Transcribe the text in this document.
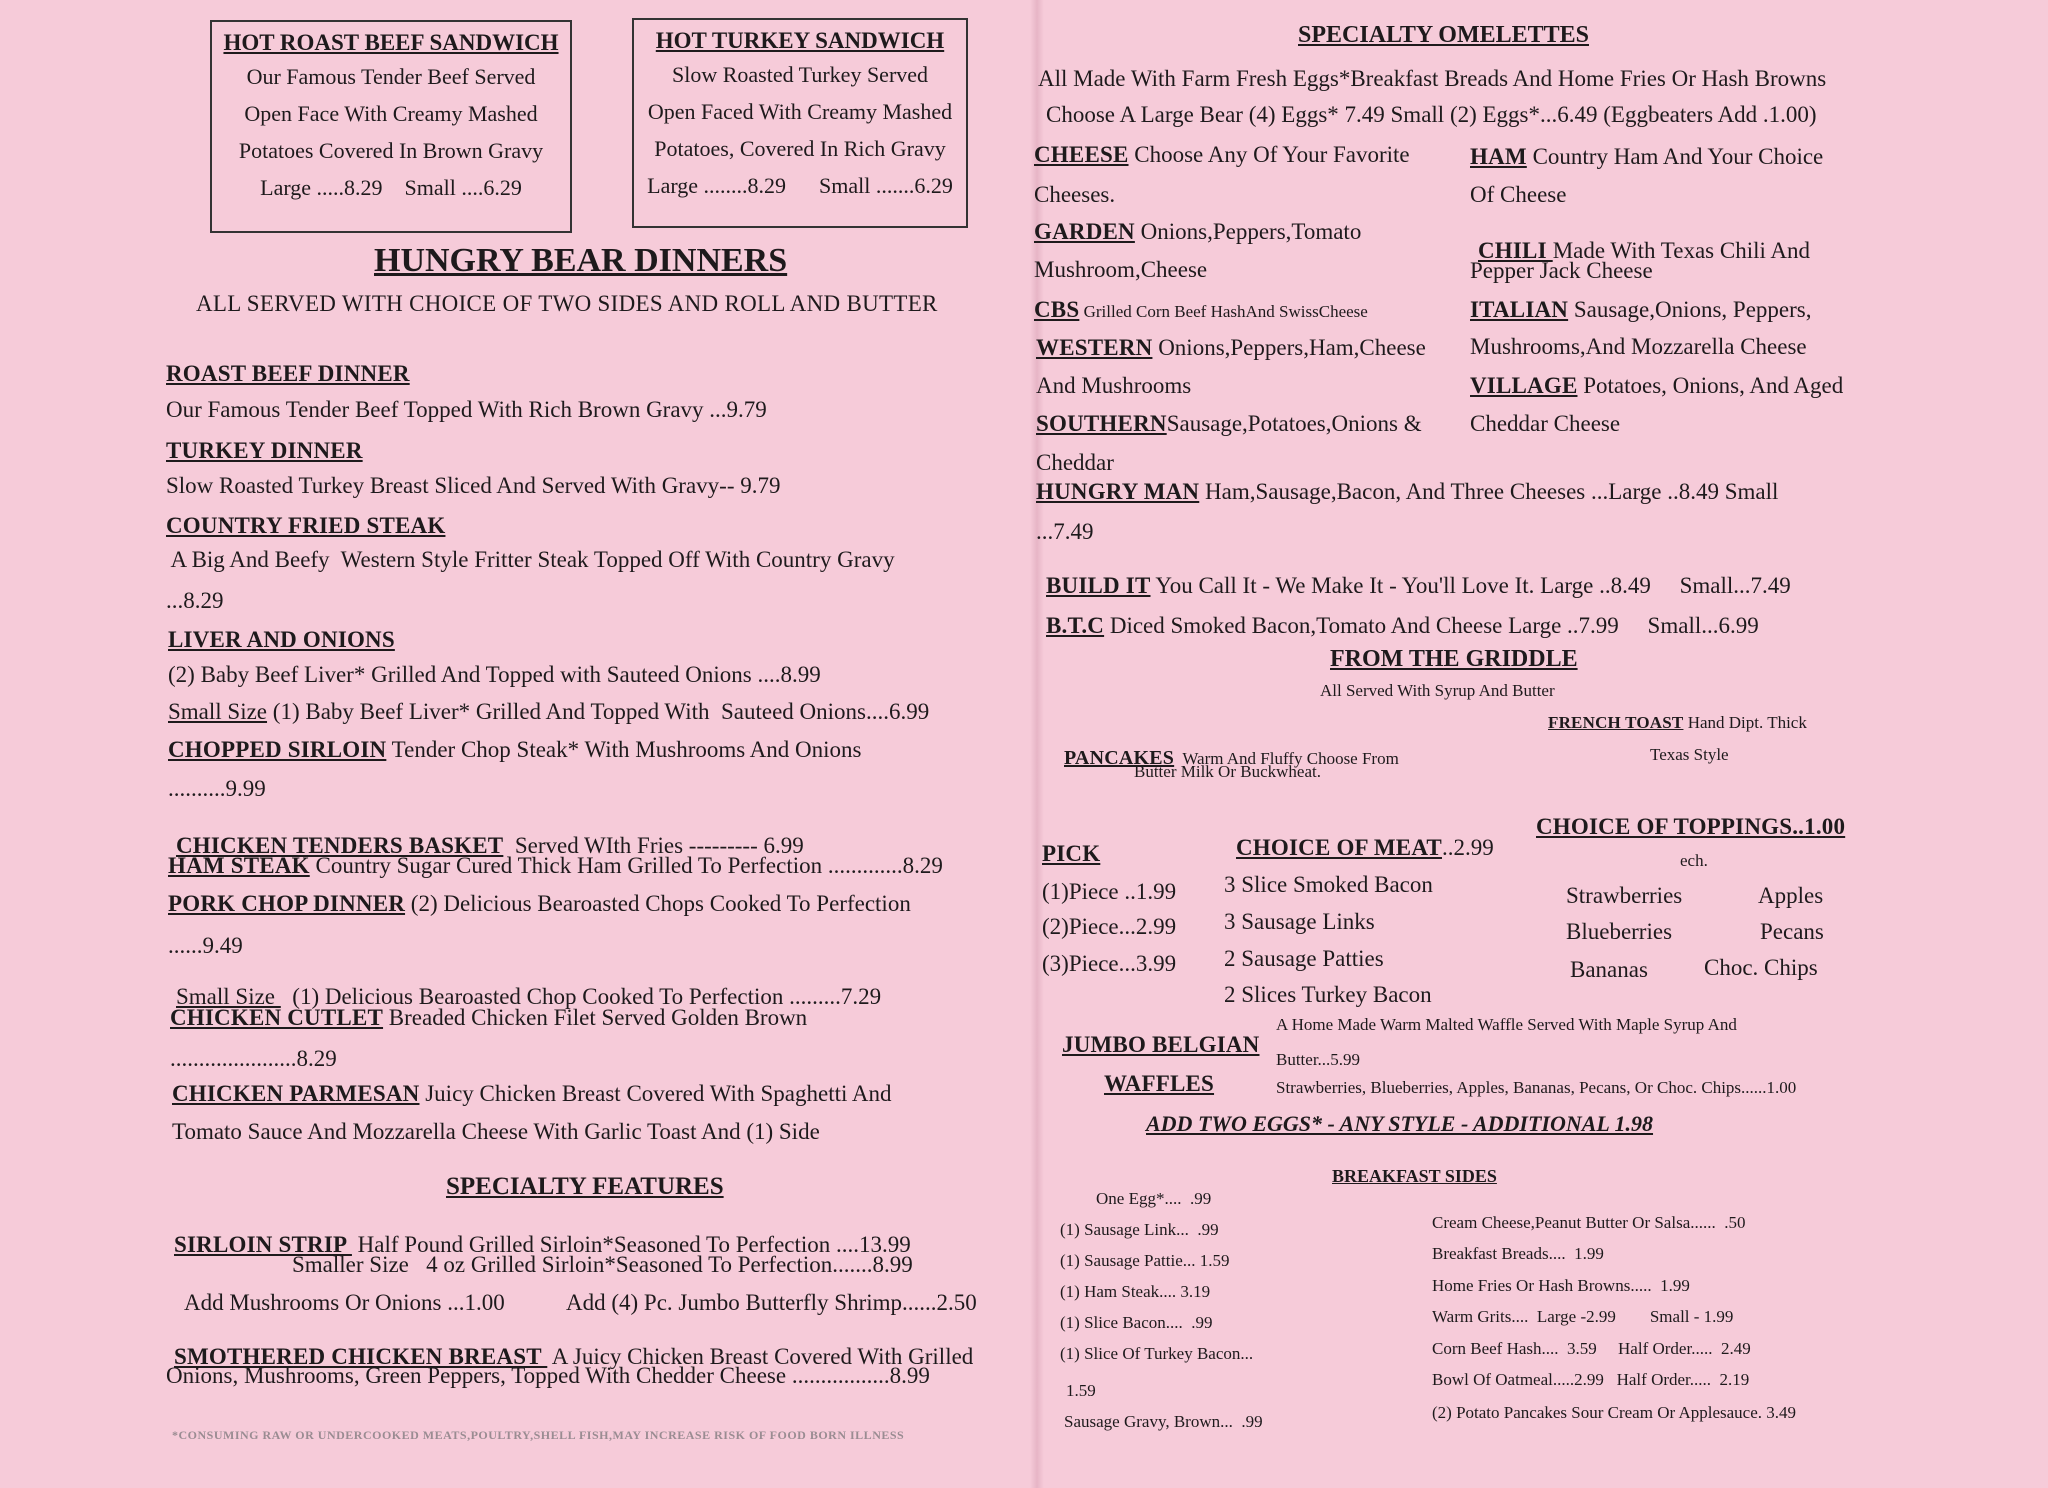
HOT ROAST BEEF SANDWICH
Our Famous Tender Beef Served
Open Face With Creamy Mashed
Potatoes Covered In Brown Gravy
Large .....8.29    Small ....6.29
HOT TURKEY SANDWICH
Slow Roasted Turkey Served
Open Faced With Creamy Mashed
Potatoes, Covered In Rich Gravy
Large ........8.29      Small .......6.29
HUNGRY BEAR DINNERS
ALL SERVED WITH CHOICE OF TWO SIDES AND ROLL AND BUTTER
ROAST BEEF DINNER
Our Famous Tender Beef Topped With Rich Brown Gravy ...9.79
TURKEY DINNER
Slow Roasted Turkey Breast Sliced And Served With Gravy-- 9.79
COUNTRY FRIED STEAK
A Big And Beefy  Western Style Fritter Steak Topped Off With Country Gravy
...8.29
LIVER AND ONIONS
(2) Baby Beef Liver* Grilled And Topped with Sauteed Onions ....8.99
Small Size (1) Baby Beef Liver* Grilled And Topped With  Sauteed Onions....6.99
CHOPPED SIRLOIN Tender Chop Steak* With Mushrooms And Onions
..........9.99

CHICKEN TENDERS BASKET  Served WIth Fries --------- 6.99

HAM STEAK Country Sugar Cured Thick Ham Grilled To Perfection .............8.29
PORK CHOP DINNER (2) Delicious Bearoasted Chops Cooked To Perfection
......9.49

Small Size   (1) Delicious Bearoasted Chop Cooked To Perfection .........7.29

CHICKEN CUTLET Breaded Chicken Filet Served Golden Brown
......................8.29
CHICKEN PARMESAN Juicy Chicken Breast Covered With Spaghetti And
Tomato Sauce And Mozzarella Cheese With Garlic Toast And (1) Side
SPECIALTY FEATURES

SIRLOIN STRIP  Half Pound Grilled Sirloin*Seasoned To Perfection ....13.99

Smaller Size   4 oz Grilled Sirloin*Seasoned To Perfection.......8.99
Add Mushrooms Or Onions ...1.00	Add (4) Pc. Jumbo Butterfly Shrimp......2.50

SMOTHERED CHICKEN BREAST  A Juicy Chicken Breast Covered With Grilled

Onions, Mushrooms, Green Peppers, Topped With Chedder Cheese .................8.99
*CONSUMING RAW OR UNDERCOOKED MEATS,POULTRY,SHELL FISH,MAY INCREASE RISK OF FOOD BORN ILLNESS
SPECIALTY OMELETTES
All Made With Farm Fresh Eggs*Breakfast Breads And Home Fries Or Hash Browns
Choose A Large Bear (4) Eggs* 7.49 Small (2) Eggs*...6.49 (Eggbeaters Add .1.00)
CHEESE Choose Any Of Your Favorite
Cheeses.
GARDEN Onions,Peppers,Tomato
Mushroom,Cheese
CBS Grilled Corn Beef HashAnd SwissCheese
WESTERN Onions,Peppers,Ham,Cheese
And Mushrooms
SOUTHERNSausage,Potatoes,Onions &
Cheddar
HAM Country Ham And Your Choice
Of Cheese

CHILI Made With Texas Chili And

Pepper Jack Cheese
ITALIAN Sausage,Onions, Peppers,
Mushrooms,And Mozzarella Cheese
VILLAGE Potatoes, Onions, And Aged
Cheddar Cheese
HUNGRY MAN Ham,Sausage,Bacon, And Three Cheeses ...Large ..8.49 Small
...7.49

BUILD IT You Call It - We Make It - You'll Love It. Large ..8.49     Small...7.49

B.T.C Diced Smoked Bacon,Tomato And Cheese Large ..7.99     Small...6.99

FROM THE GRIDDLE
All Served With Syrup And Butter

PANCAKES  Warm And Fluffy Choose From

Butter Milk Or Buckwheat.
FRENCH TOAST Hand Dipt. Thick
Texas Style
PICK
(1)Piece ..1.99
(2)Piece...2.99
(3)Piece...3.99
CHOICE OF MEAT..2.99
3 Slice Smoked Bacon
3 Sausage Links
2 Sausage Patties
2 Slices Turkey Bacon
CHOICE OF TOPPINGS..1.00
ech.
Strawberries
Blueberries
Bananas
Apples
Pecans
Choc. Chips
JUMBO BELGIAN
WAFFLES
A Home Made Warm Malted Waffle Served With Maple Syrup And
Butter...5.99
Strawberries, Blueberries, Apples, Bananas, Pecans, Or Choc. Chips......1.00
ADD TWO EGGS* - ANY STYLE - ADDITIONAL 1.98
BREAKFAST SIDES
One Egg*....  .99
(1) Sausage Link...  .99
(1) Sausage Pattie... 1.59
(1) Ham Steak.... 3.19
(1) Slice Bacon....  .99
(1) Slice Of Turkey Bacon...
1.59
Sausage Gravy, Brown...  .99
Cream Cheese,Peanut Butter Or Salsa......  .50
Breakfast Breads....  1.99
Home Fries Or Hash Browns.....  1.99
Warm Grits....  Large -2.99        Small - 1.99
Corn Beef Hash....  3.59     Half Order.....  2.49
Bowl Of Oatmeal.....2.99   Half Order.....  2.19
(2) Potato Pancakes Sour Cream Or Applesauce. 3.49
